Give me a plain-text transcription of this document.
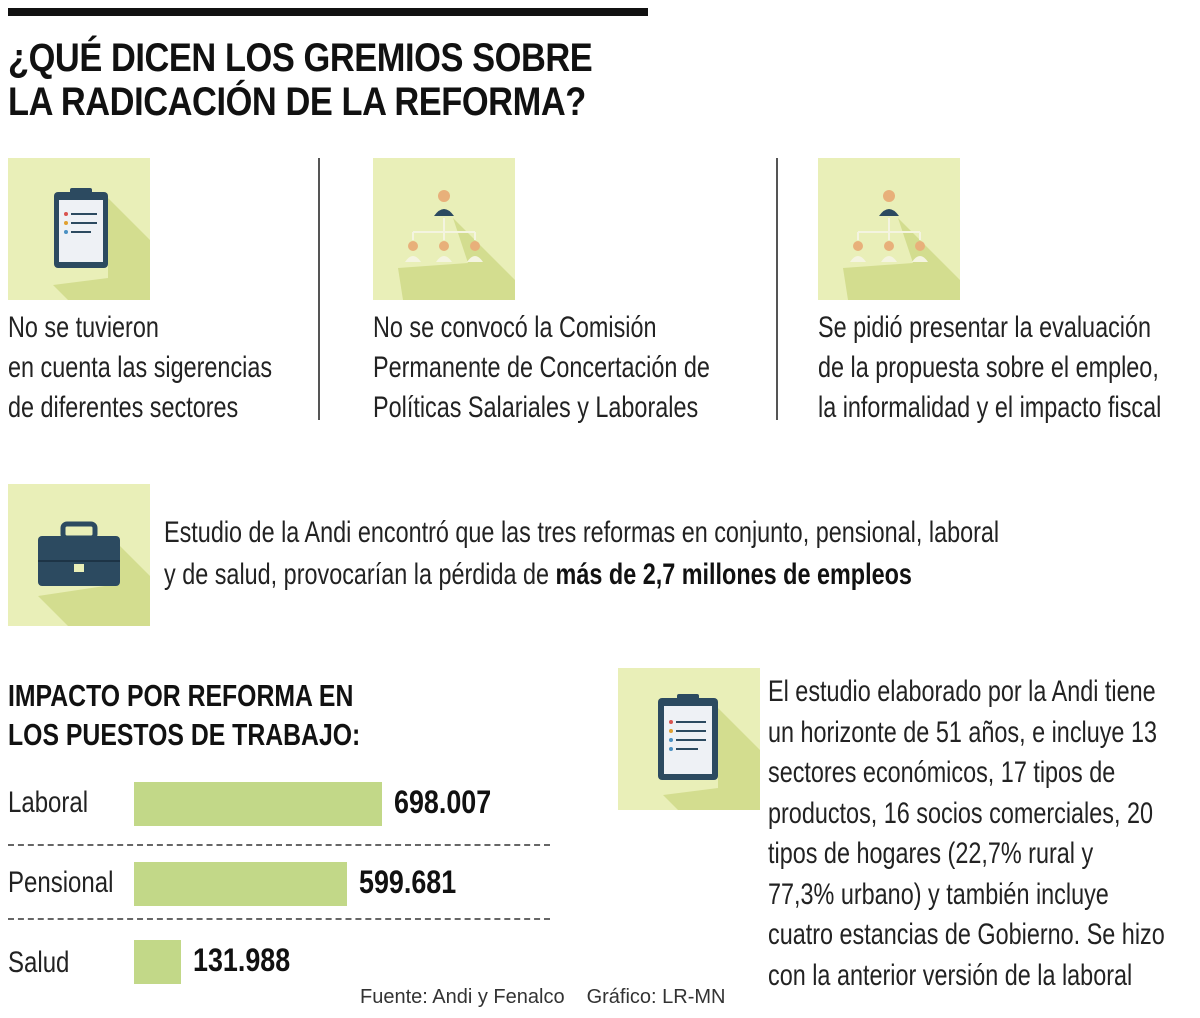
¿QUÉ DICEN LOS GREMIOS SOBRE
LA RADICACIÓN DE LA REFORMA?
No se tuvieron
en cuenta las sigerencias
de diferentes sectores
No se convocó la Comisión
Permanente de Concertación de
Políticas Salariales y Laborales
Se pidió presentar la evaluación
de la propuesta sobre el empleo,
la informalidad y el impacto fiscal
Estudio de la Andi encontró que las tres reformas en conjunto, pensional, laboral
y de salud, provocarían la pérdida de más de 2,7 millones de empleos
IMPACTO POR REFORMA EN
LOS PUESTOS DE TRABAJO:
Laboral	698.007
Pensional	599.681
Salud	131.988
El estudio elaborado por la Andi tiene
un horizonte de 51 años, e incluye 13
sectores económicos, 17 tipos de
productos, 16 socios comerciales, 20
tipos de hogares (22,7% rural y
77,3% urbano) y también incluye
cuatro estancias de Gobierno. Se hizo
con la anterior versión de la laboral
Fuente: Andi y Fenalco Gráfico: LR-MN
